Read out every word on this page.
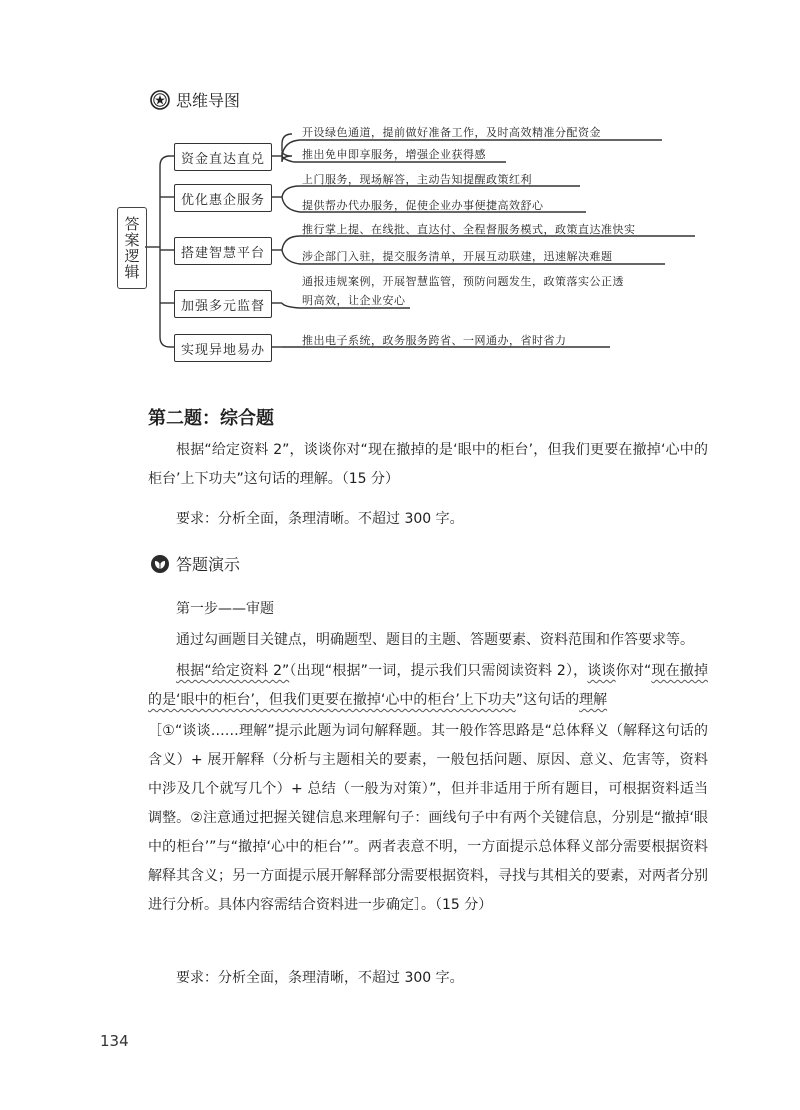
思维导图
答案逻辑
资金直达直兑
优化惠企服务
搭建智慧平台
加强多元监督
实现异地易办
开设绿色通道，提前做好准备工作，及时高效精准分配资金
推出免申即享服务，增强企业获得感
上门服务，现场解答，主动告知提醒政策红利
提供帮办代办服务，促使企业办事便捷高效舒心
推行掌上提、在线批、直达付、全程督服务模式，政策直达准快实
涉企部门入驻，提交服务清单，开展互动联建，迅速解决难题
通报违规案例，开展智慧监管，预防问题发生，政策落实公正透
明高效，让企业安心
推出电子系统，政务服务跨省、一网通办，省时省力
第二题：综合题
根据“给定资料 2”，谈谈你对“现在撤掉的是‘眼中的柜台’，但我们更要在撤掉‘心中的柜台’上下功夫”这句话的理解。（15 分）
要求：分析全面，条理清晰。不超过 300 字。
答题演示
第一步——审题
通过勾画题目关键点，明确题型、题目的主题、答题要素、资料范围和作答要求等。
根据“给定资料 2”（出现“根据”一词，提示我们只需阅读资料 2），谈谈你对“现在撤掉的是‘眼中的柜台’，但我们更要在撤掉‘心中的柜台’上下功夫”这句话的理解
［①“谈谈……理解”提示此题为词句解释题。其一般作答思路是“总体释义（解释这句话的含义）+ 展开解释（分析与主题相关的要素，一般包括问题、原因、意义、危害等，资料中涉及几个就写几个）+ 总结（一般为对策）”，但并非适用于所有题目，可根据资料适当调整。②注意通过把握关键信息来理解句子：画线句子中有两个关键信息，分别是“撤掉‘眼中的柜台’”与“撤掉‘心中的柜台’”。两者表意不明，一方面提示总体释义部分需要根据资料解释其含义；另一方面提示展开解释部分需要根据资料，寻找与其相关的要素，对两者分别进行分析。具体内容需结合资料进一步确定］。（15 分）
要求：分析全面，条理清晰，不超过 300 字。
134
